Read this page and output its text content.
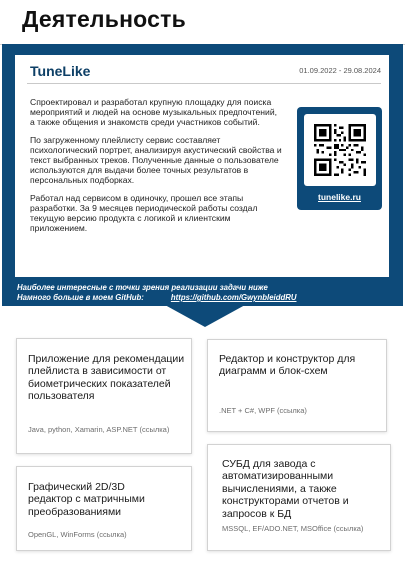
Деятельность
TuneLike	01.09.2022 - 29.08.2024

Спроектировал и разработал крупную площадку для поиска мероприятий и людей на основе музыкальных предпочтений, а также общения и знакомств среди участников событий.

По загруженному плейлисту сервис составляет психологический портрет, анализируя акустический свойства и текст выбранных треков. Полученные данные о пользователе используются для выдачи более точных результатов в персональных подборках.

Работал над сервисом в одиночку, прошел все этапы разработки. За 9 месяцев периодической работы создал текущую версию продукта с логикой и клиентским приложением.

tunelike.ru
Наиболее интересные с точки зрения реализации задачи ниже
Намного больше в моем GitHub:	https://github.com/GwynbleiddRU
Приложение для рекомендации плейлиста в зависимости от биометрических показателей пользователя
Java, python, Xamarin, ASP.NET (ссылка)
Редактор и конструктор для диаграмм и блок-схем
.NET + C#, WPF (ссылка)
Графический 2D/3D редактор с матричными преобразованиями
OpenGL, WinForms (ссылка)
СУБД для завода с автоматизированными вычислениями, а также конструкторами отчетов и запросов к БД
MSSQL, EF/ADO.NET, MSOffice (ссылка)
